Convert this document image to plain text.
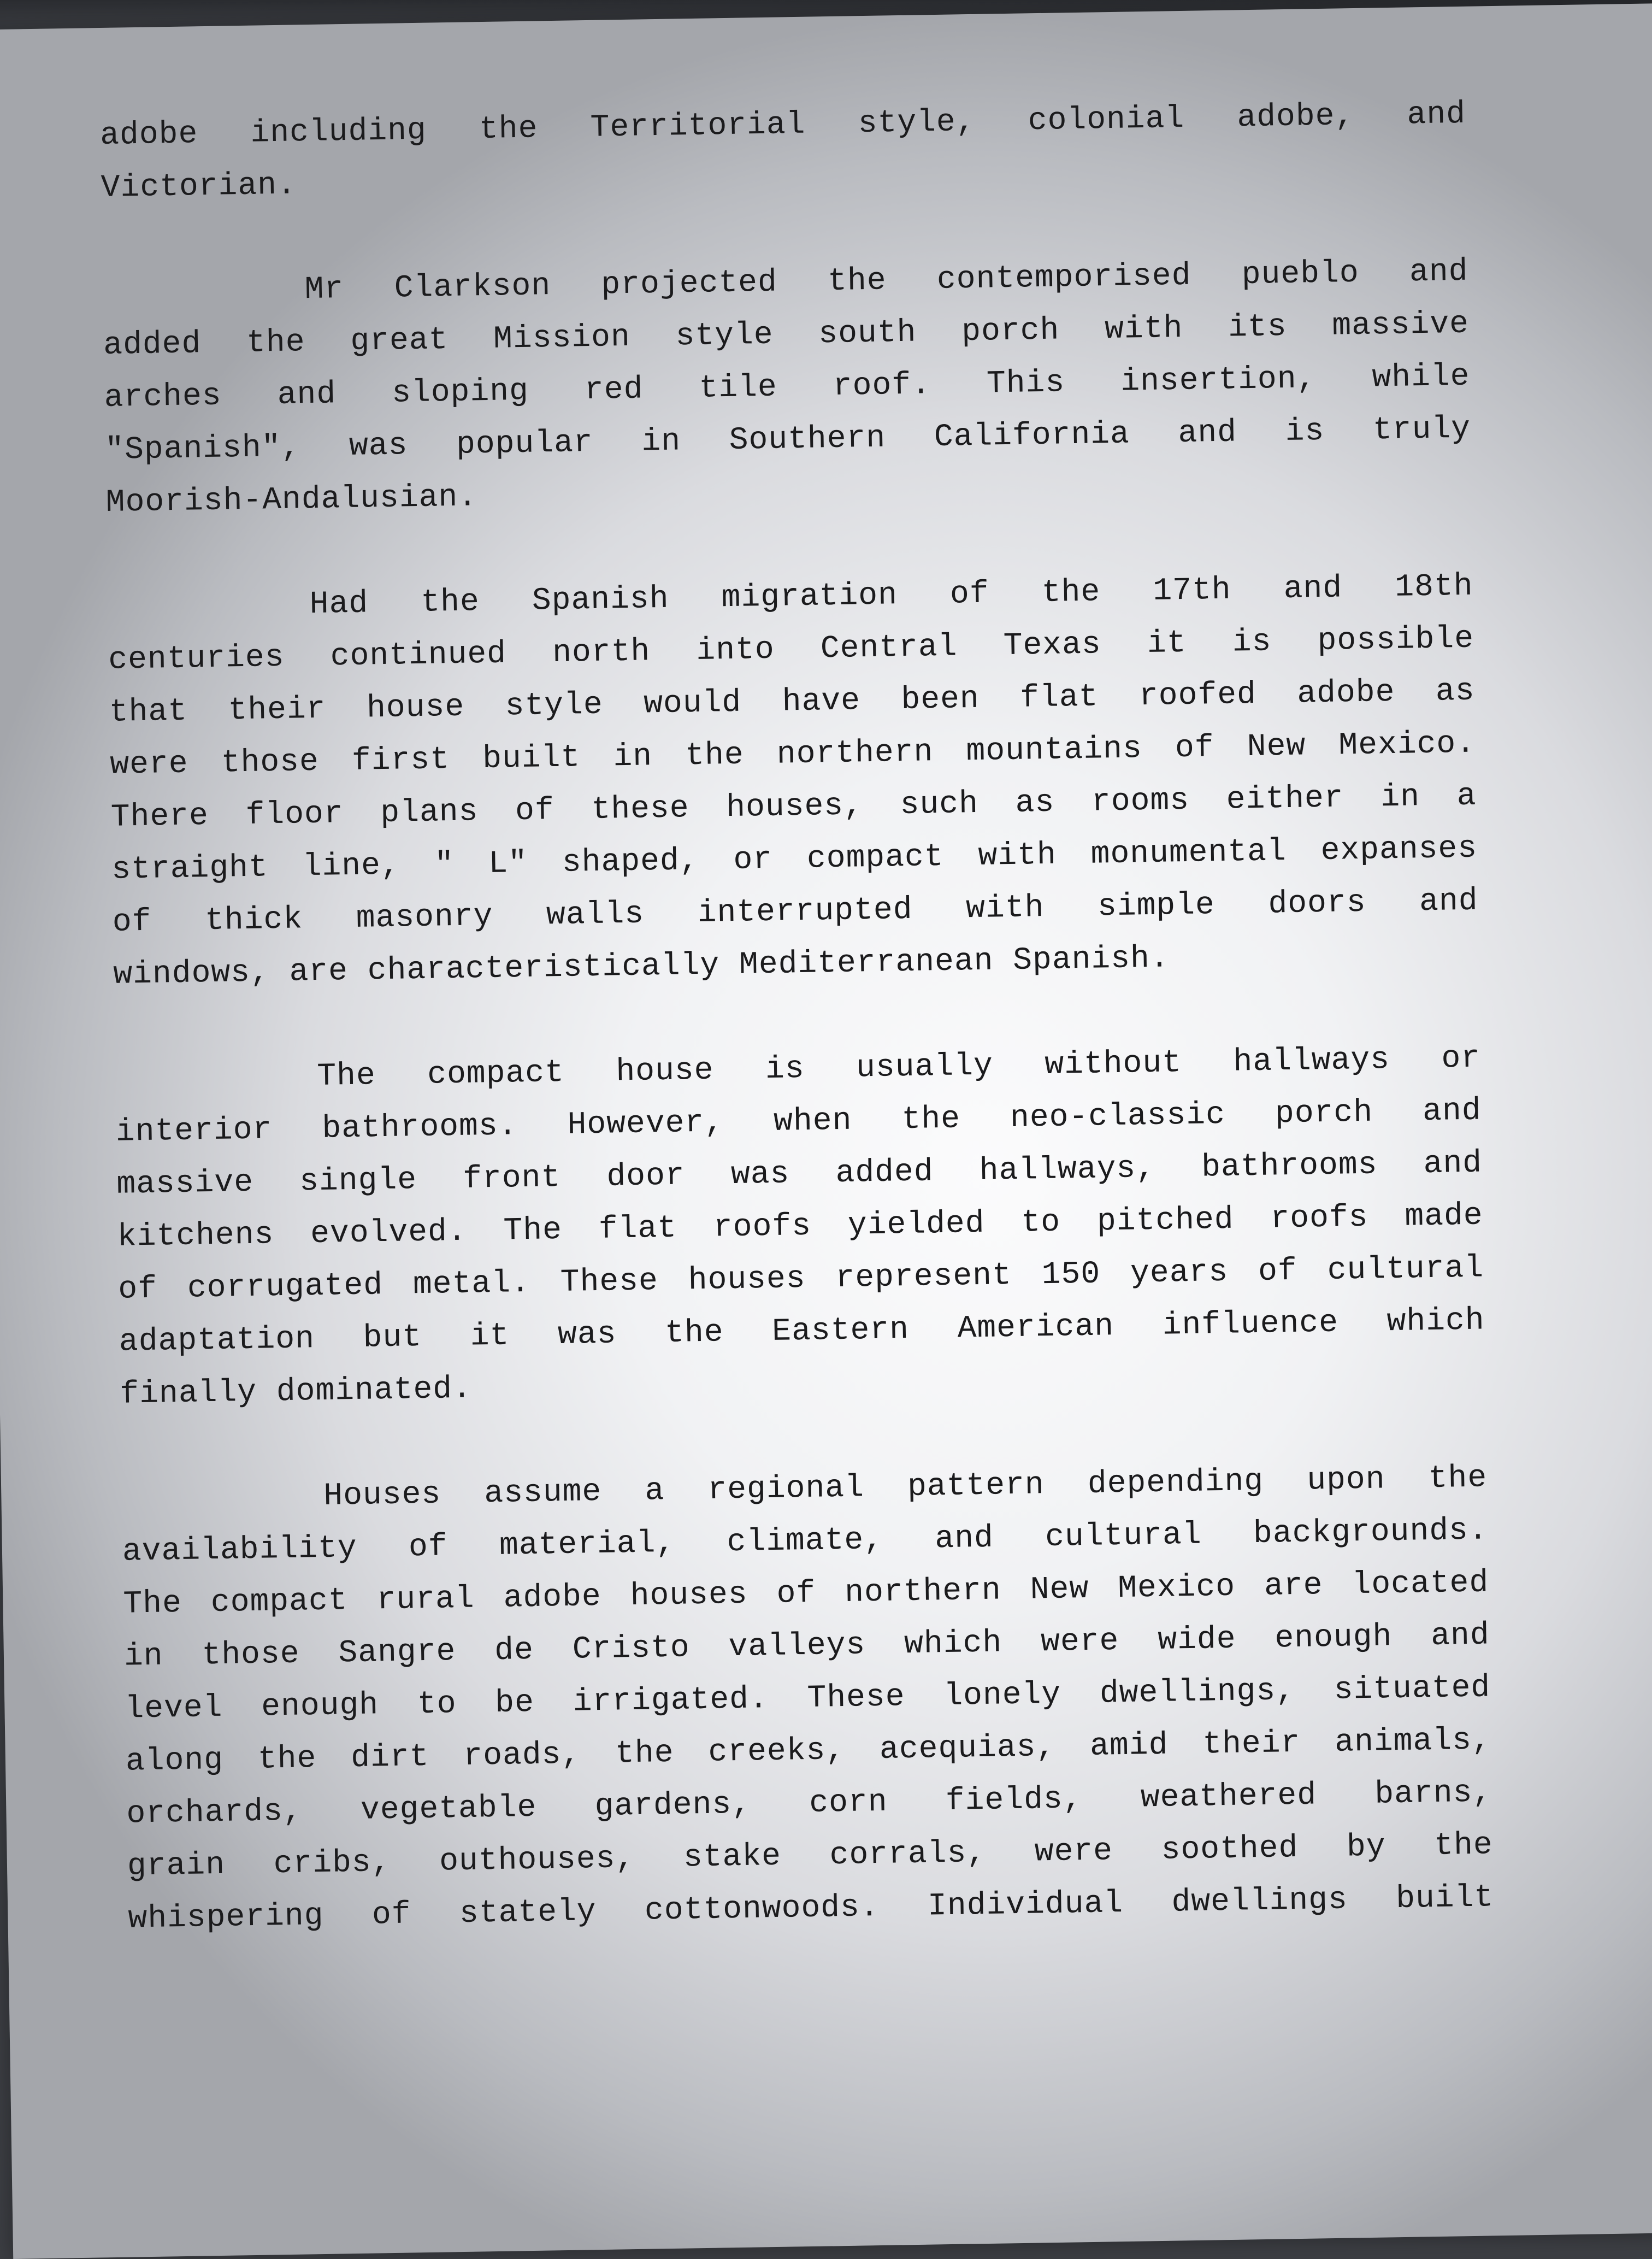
adobe including the Territorial style, colonial adobe, and
Victorian.
Mr Clarkson projected the contemporised pueblo and
added the great Mission style south porch with its massive
arches and sloping red tile roof. This insertion, while
"Spanish", was popular in Southern California and is truly
Moorish-Andalusian.
Had the Spanish migration of the 17th and 18th
centuries continued north into Central Texas it is possible
that their house style would have been flat roofed adobe as
were those first built in the northern mountains of New Mexico.
There floor plans of these houses, such as rooms either in a
straight line, " L" shaped, or compact with monumental expanses
of thick masonry walls interrupted with simple doors and
windows, are characteristically Mediterranean Spanish.
The compact house is usually without hallways or
interior bathrooms. However, when the neo-classic porch and
massive single front door was added hallways, bathrooms and
kitchens evolved. The flat roofs yielded to pitched roofs made
of corrugated metal. These houses represent 150 years of cultural
adaptation but it was the Eastern American influence which
finally dominated.
Houses assume a regional pattern depending upon the
availability of material, climate, and cultural backgrounds.
The compact rural adobe houses of northern New Mexico are located
in those Sangre de Cristo valleys which were wide enough and
level enough to be irrigated. These lonely dwellings, situated
along the dirt roads, the creeks, acequias, amid their animals,
orchards, vegetable gardens, corn fields, weathered barns,
grain cribs, outhouses, stake corrals, were soothed by the
whispering of stately cottonwoods. Individual dwellings built
